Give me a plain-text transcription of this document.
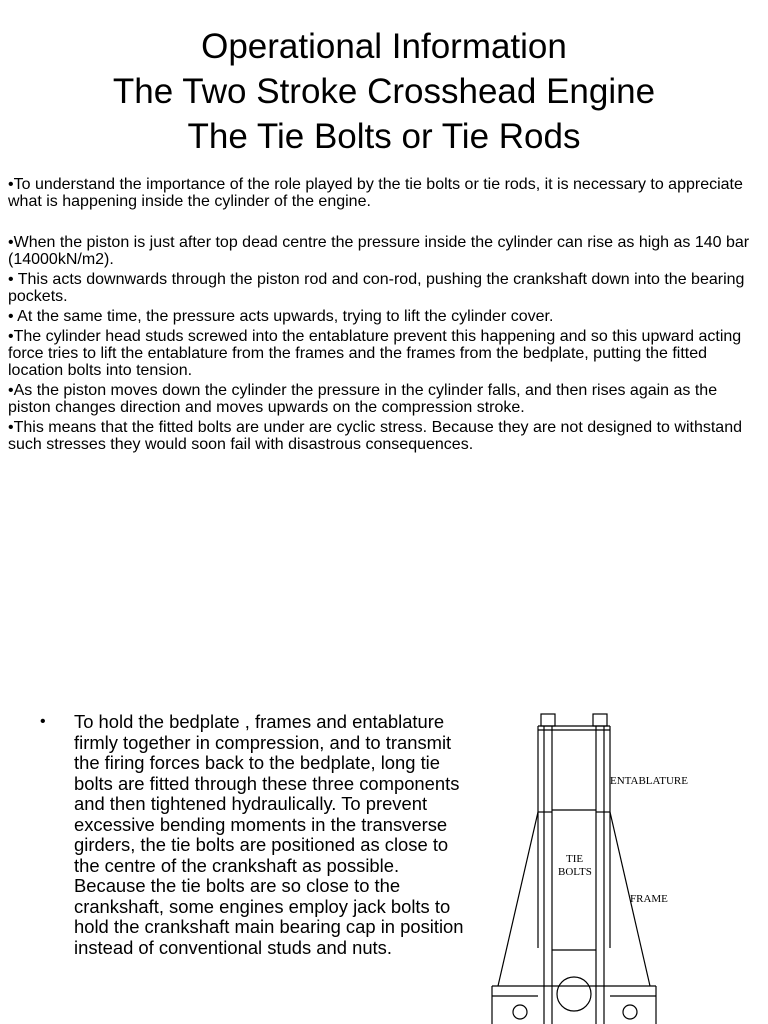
Operational Information
The Two Stroke Crosshead Engine
The Tie Bolts or Tie Rods

•To understand the importance of the role played by the tie bolts or tie rods, it is necessary to appreciate what is happening inside the cylinder of the engine.

•When the piston is just after top dead centre the pressure inside the cylinder can rise as high as 140 bar (14000kN/m2).

• This acts downwards through the piston rod and con-rod, pushing the crankshaft down into the bearing pockets.

• At the same time, the pressure acts upwards, trying to lift the cylinder cover.

•The cylinder head studs screwed into the entablature prevent this happening and so this upward acting force tries to lift the entablature from the frames and the frames from the bedplate, putting the fitted location bolts into tension.

•As the piston moves down the cylinder the pressure in the cylinder falls, and then rises again as the piston changes direction and moves upwards on the compression stroke.

•This means that the fitted bolts are under are cyclic stress. Because they are not designed to withstand such stresses they would soon fail with disastrous consequences.

•	To hold the bedplate , frames and entablature firmly together in compression, and to transmit the firing forces back to the bedplate, long tie bolts are fitted through these three components and then tightened hydraulically. To prevent excessive bending moments in the transverse girders, the tie bolts are positioned as close to the centre of the crankshaft as possible. Because the tie bolts are so close to the crankshaft, some engines employ jack bolts to hold the crankshaft main bearing cap in position instead of conventional studs and nuts.
ENTABLATURE
TIE
BOLTS
FRAME
